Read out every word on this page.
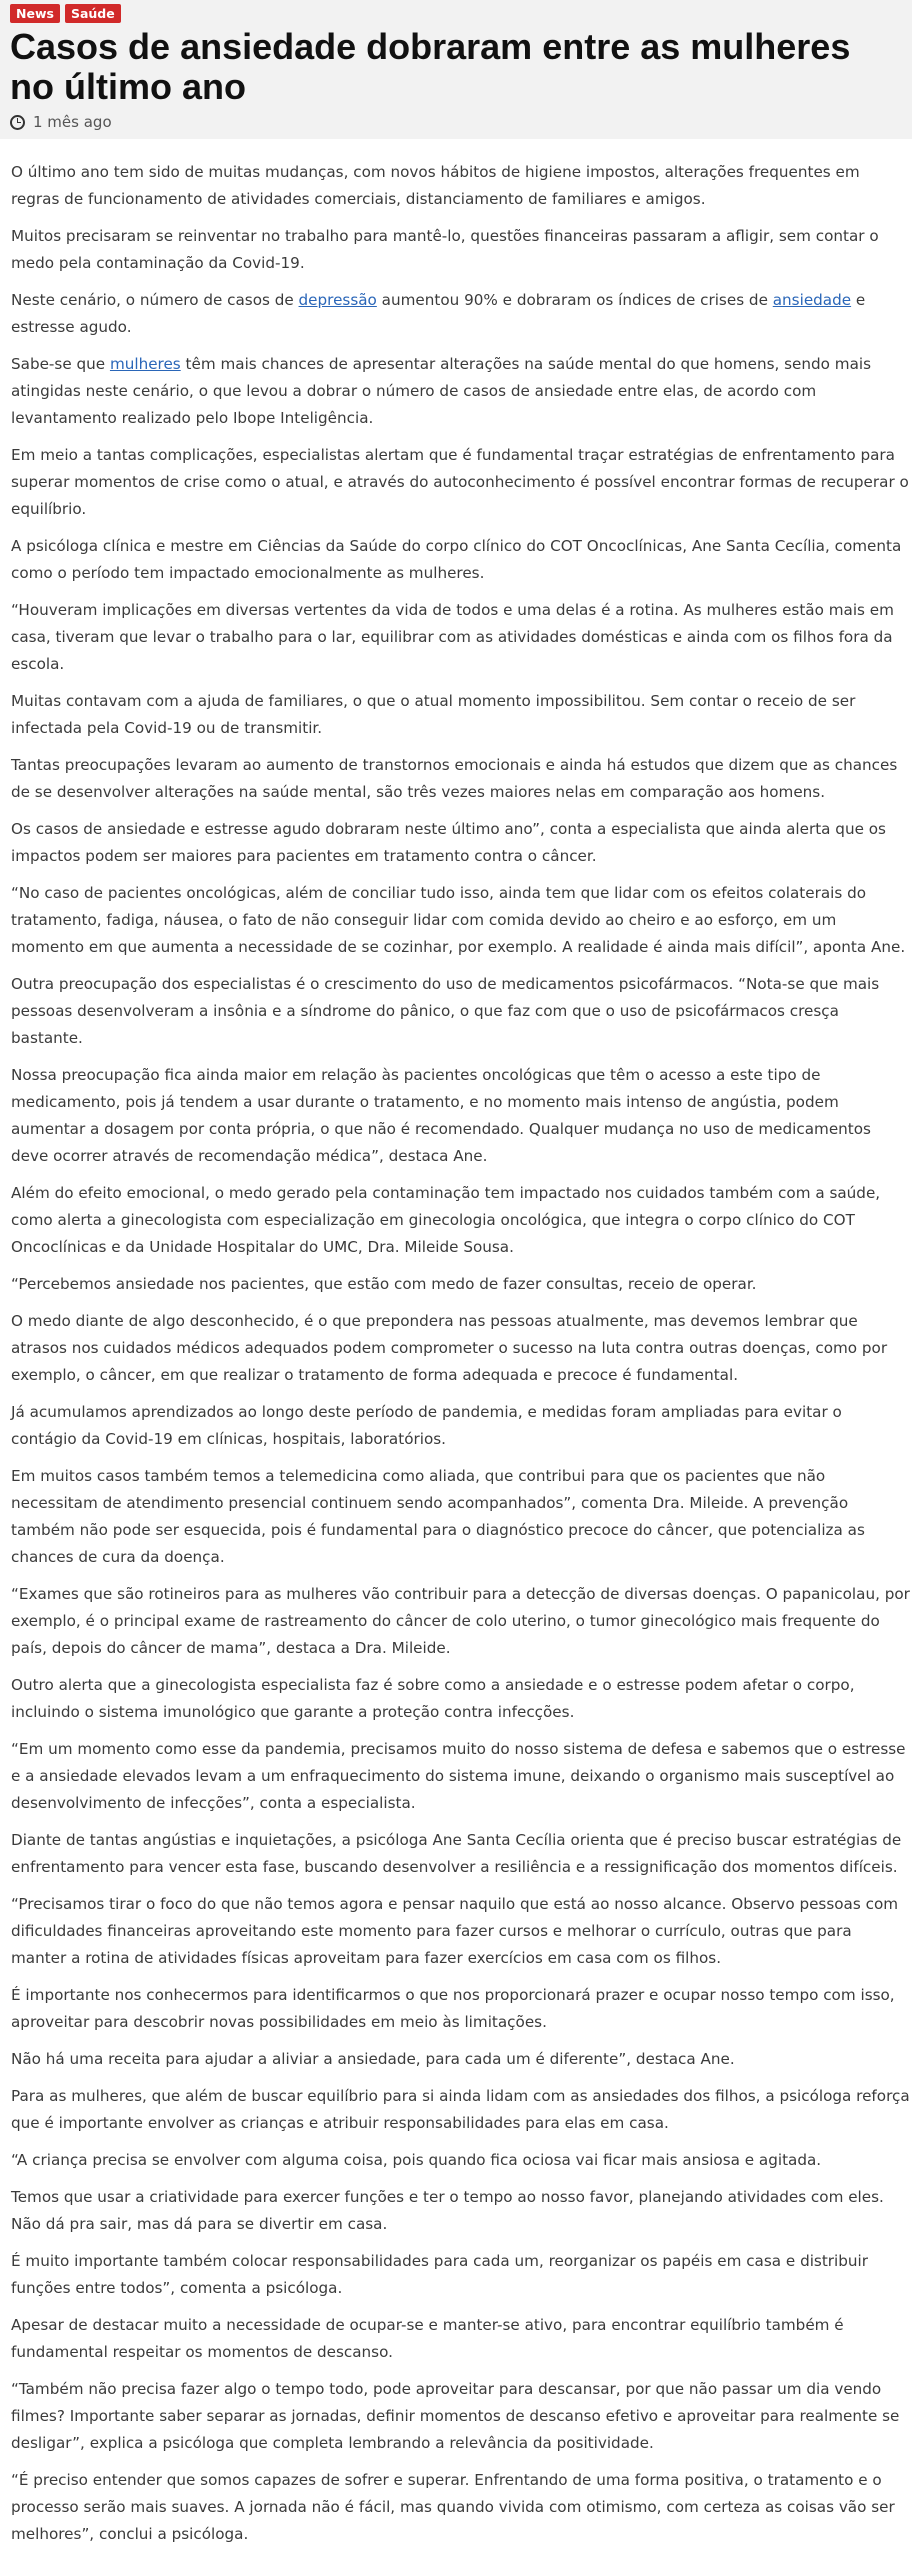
News	Saúde
Casos de ansiedade dobraram entre as mulheres no último ano
1 mês ago

O último ano tem sido de muitas mudanças, com novos hábitos de higiene impostos, alterações frequentes em regras de funcionamento de atividades comerciais, distanciamento de familiares e amigos.

Muitos precisaram se reinventar no trabalho para mantê-lo, questões financeiras passaram a afligir, sem contar o medo pela contaminação da Covid-19.

Neste cenário, o número de casos de depressão aumentou 90% e dobraram os índices de crises de ansiedade e estresse agudo.

Sabe-se que mulheres têm mais chances de apresentar alterações na saúde mental do que homens, sendo mais atingidas neste cenário, o que levou a dobrar o número de casos de ansiedade entre elas, de acordo com levantamento realizado pelo Ibope Inteligência.

Em meio a tantas complicações, especialistas alertam que é fundamental traçar estratégias de enfrentamento para superar momentos de crise como o atual, e através do autoconhecimento é possível encontrar formas de recuperar o equilíbrio.

A psicóloga clínica e mestre em Ciências da Saúde do corpo clínico do COT Oncoclínicas, Ane Santa Cecília, comenta como o período tem impactado emocionalmente as mulheres.

“Houveram implicações em diversas vertentes da vida de todos e uma delas é a rotina. As mulheres estão mais em casa, tiveram que levar o trabalho para o lar, equilibrar com as atividades domésticas e ainda com os filhos fora da escola.

Muitas contavam com a ajuda de familiares, o que o atual momento impossibilitou. Sem contar o receio de ser infectada pela Covid-19 ou de transmitir.

Tantas preocupações levaram ao aumento de transtornos emocionais e ainda há estudos que dizem que as chances de se desenvolver alterações na saúde mental, são três vezes maiores nelas em comparação aos homens.

Os casos de ansiedade e estresse agudo dobraram neste último ano”, conta a especialista que ainda alerta que os impactos podem ser maiores para pacientes em tratamento contra o câncer.

“No caso de pacientes oncológicas, além de conciliar tudo isso, ainda tem que lidar com os efeitos colaterais do tratamento, fadiga, náusea, o fato de não conseguir lidar com comida devido ao cheiro e ao esforço, em um momento em que aumenta a necessidade de se cozinhar, por exemplo. A realidade é ainda mais difícil”, aponta Ane.

Outra preocupação dos especialistas é o crescimento do uso de medicamentos psicofármacos. “Nota-se que mais pessoas desenvolveram a insônia e a síndrome do pânico, o que faz com que o uso de psicofármacos cresça bastante.

Nossa preocupação fica ainda maior em relação às pacientes oncológicas que têm o acesso a este tipo de medicamento, pois já tendem a usar durante o tratamento, e no momento mais intenso de angústia, podem aumentar a dosagem por conta própria, o que não é recomendado. Qualquer mudança no uso de medicamentos deve ocorrer através de recomendação médica”, destaca Ane.

Além do efeito emocional, o medo gerado pela contaminação tem impactado nos cuidados também com a saúde, como alerta a ginecologista com especialização em ginecologia oncológica, que integra o corpo clínico do COT Oncoclínicas e da Unidade Hospitalar do UMC, Dra. Mileide Sousa.

“Percebemos ansiedade nos pacientes, que estão com medo de fazer consultas, receio de operar.

O medo diante de algo desconhecido, é o que prepondera nas pessoas atualmente, mas devemos lembrar que atrasos nos cuidados médicos adequados podem comprometer o sucesso na luta contra outras doenças, como por exemplo, o câncer, em que realizar o tratamento de forma adequada e precoce é fundamental.

Já acumulamos aprendizados ao longo deste período de pandemia, e medidas foram ampliadas para evitar o contágio da Covid-19 em clínicas, hospitais, laboratórios.

Em muitos casos também temos a telemedicina como aliada, que contribui para que os pacientes que não necessitam de atendimento presencial continuem sendo acompanhados”, comenta Dra. Mileide. A prevenção também não pode ser esquecida, pois é fundamental para o diagnóstico precoce do câncer, que potencializa as chances de cura da doença.

“Exames que são rotineiros para as mulheres vão contribuir para a detecção de diversas doenças. O papanicolau, por exemplo, é o principal exame de rastreamento do câncer de colo uterino, o tumor ginecológico mais frequente do país, depois do câncer de mama”, destaca a Dra. Mileide.

Outro alerta que a ginecologista especialista faz é sobre como a ansiedade e o estresse podem afetar o corpo, incluindo o sistema imunológico que garante a proteção contra infecções.

“Em um momento como esse da pandemia, precisamos muito do nosso sistema de defesa e sabemos que o estresse e a ansiedade elevados levam a um enfraquecimento do sistema imune, deixando o organismo mais susceptível ao desenvolvimento de infecções”, conta a especialista.

Diante de tantas angústias e inquietações, a psicóloga Ane Santa Cecília orienta que é preciso buscar estratégias de enfrentamento para vencer esta fase, buscando desenvolver a resiliência e a ressignificação dos momentos difíceis.

“Precisamos tirar o foco do que não temos agora e pensar naquilo que está ao nosso alcance. Observo pessoas com dificuldades financeiras aproveitando este momento para fazer cursos e melhorar o currículo, outras que para manter a rotina de atividades físicas aproveitam para fazer exercícios em casa com os filhos.

É importante nos conhecermos para identificarmos o que nos proporcionará prazer e ocupar nosso tempo com isso, aproveitar para descobrir novas possibilidades em meio às limitações.

Não há uma receita para ajudar a aliviar a ansiedade, para cada um é diferente”, destaca Ane.

Para as mulheres, que além de buscar equilíbrio para si ainda lidam com as ansiedades dos filhos, a psicóloga reforça que é importante envolver as crianças e atribuir responsabilidades para elas em casa.

“A criança precisa se envolver com alguma coisa, pois quando fica ociosa vai ficar mais ansiosa e agitada.

Temos que usar a criatividade para exercer funções e ter o tempo ao nosso favor, planejando atividades com eles. Não dá pra sair, mas dá para se divertir em casa.

É muito importante também colocar responsabilidades para cada um, reorganizar os papéis em casa e distribuir funções entre todos”, comenta a psicóloga.

Apesar de destacar muito a necessidade de ocupar-se e manter-se ativo, para encontrar equilíbrio também é fundamental respeitar os momentos de descanso.

“Também não precisa fazer algo o tempo todo, pode aproveitar para descansar, por que não passar um dia vendo filmes? Importante saber separar as jornadas, definir momentos de descanso efetivo e aproveitar para realmente se desligar”, explica a psicóloga que completa lembrando a relevância da positividade.

“É preciso entender que somos capazes de sofrer e superar. Enfrentando de uma forma positiva, o tratamento e o processo serão mais suaves. A jornada não é fácil, mas quando vivida com otimismo, com certeza as coisas vão ser melhores”, conclui a psicóloga.
